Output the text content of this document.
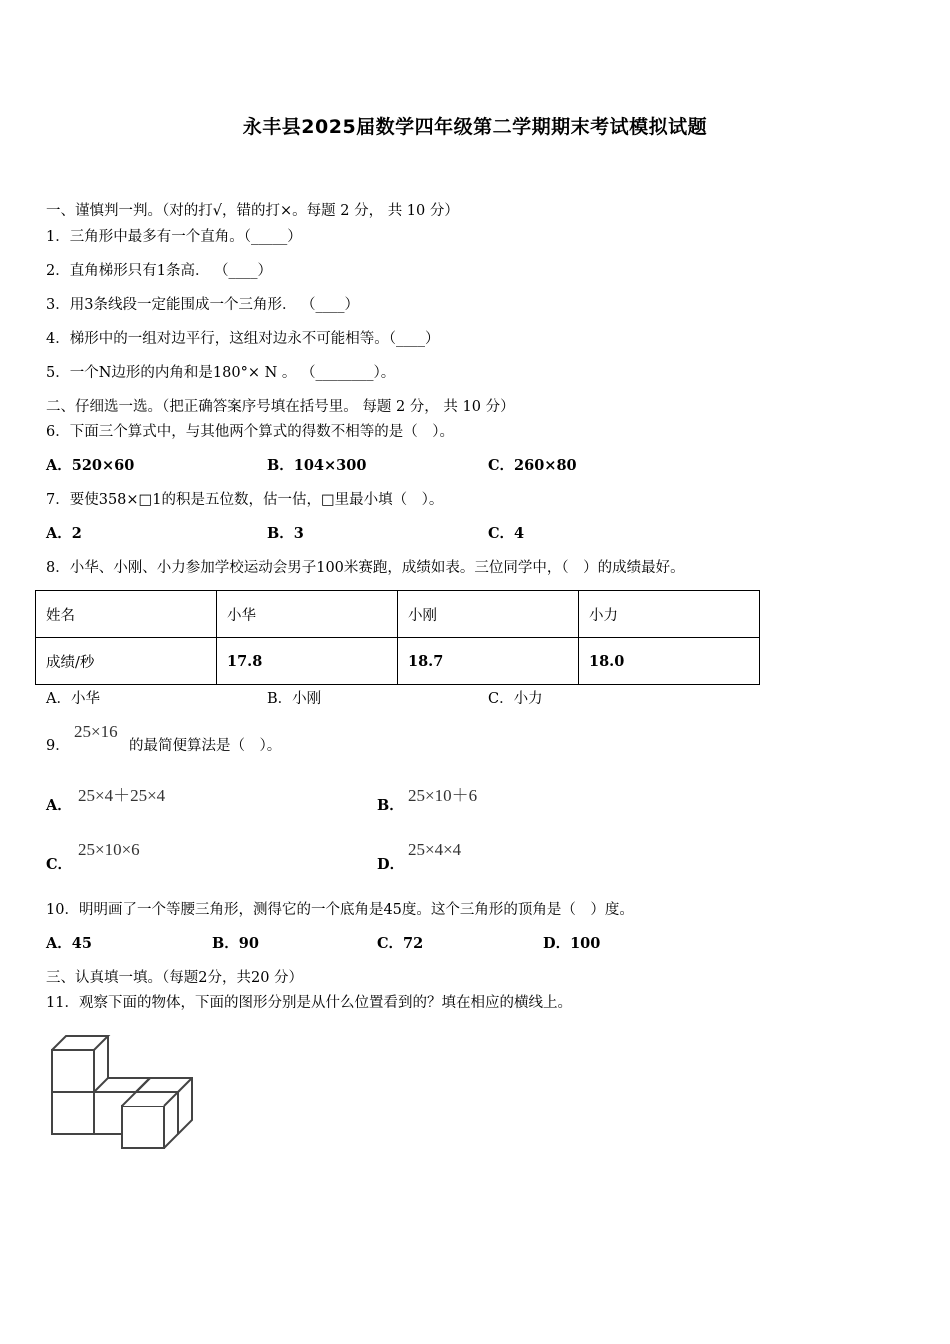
永丰县2025届数学四年级第二学期期末考试模拟试题
一、谨慎判一判。（对的打√，错的打×。每题 2 分， 共 10 分）
1．三角形中最多有一个直角。（_____）
2．直角梯形只有1条高． （____）
3．用3条线段一定能围成一个三角形． （____）
4．梯形中的一组对边平行，这组对边永不可能相等。（____）
5．一个N边形的内角和是180°× N 。 （________）。
二、仔细选一选。（把正确答案序号填在括号里。 每题 2 分， 共 10 分）
6．下面三个算式中，与其他两个算式的得数不相等的是（　）。
A．520×60	B．104×300	C．260×80
7．要使358×□1的积是五位数，估一估，□里最小填（　）。
A．2	B．3	C．4
8．小华、小刚、小力参加学校运动会男子100米赛跑，成绩如表。三位同学中，（　）的成绩最好。
姓名	小华	小刚	小力
成绩/秒	17.8	18.7	18.0
A．小华	B．小刚	C．小力
9．
25×16
的最简便算法是（　）。
A．
25×4＋25×4
B．
25×10＋6
C．
25×10×6
D．
25×4×4
10．明明画了一个等腰三角形，测得它的一个底角是45度。这个三角形的顶角是（　）度。
A．45	B．90	C．72	D．100
三、认真填一填。（每题2分，共20 分）
11．观察下面的物体，下面的图形分别是从什么位置看到的？填在相应的横线上。
